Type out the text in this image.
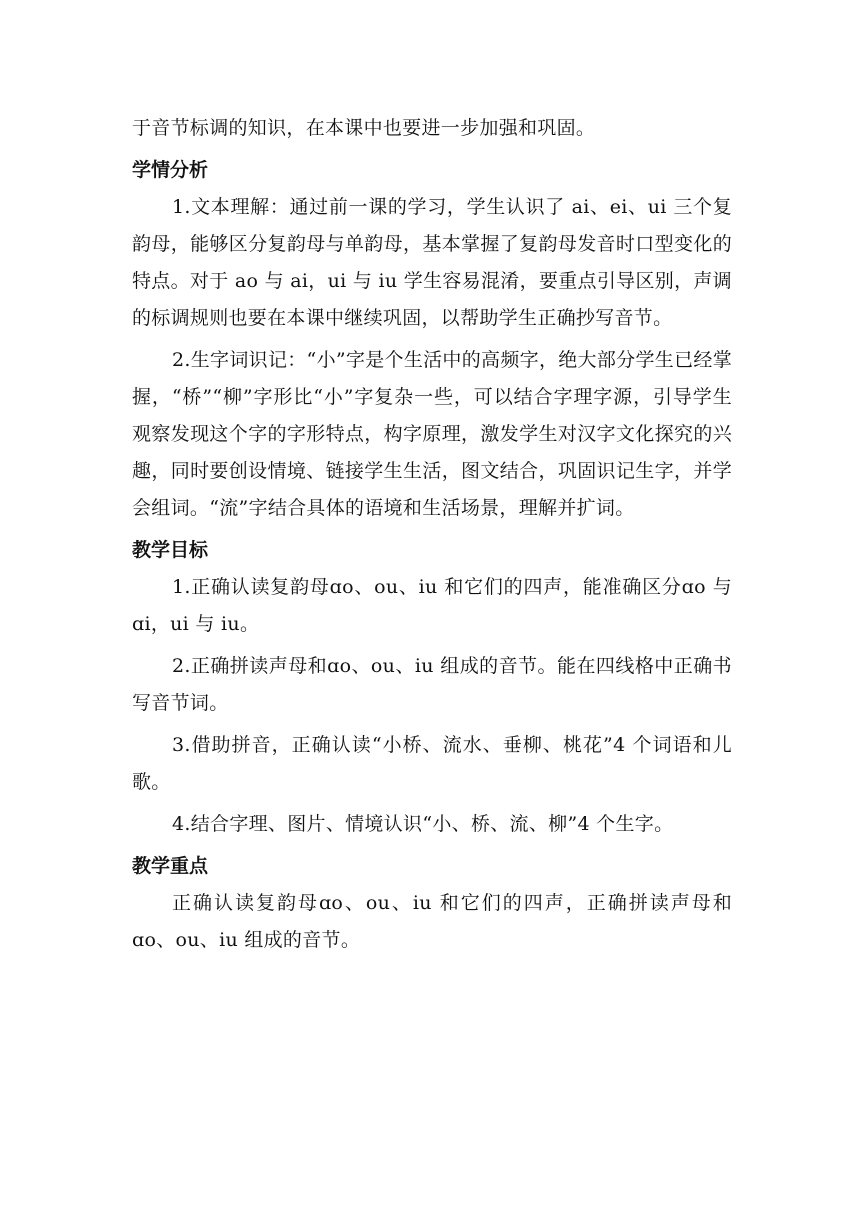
于音节标调的知识，在本课中也要进一步加强和巩固。

学情分析

1.文本理解：通过前一课的学习，学生认识了 ai、ei、ui 三个复韵母，能够区分复韵母与单韵母，基本掌握了复韵母发音时口型变化的特点。对于 ao 与 ai，ui 与 iu 学生容易混淆，要重点引导区别，声调的标调规则也要在本课中继续巩固，以帮助学生正确抄写音节。

2.生字词识记：“小”字是个生活中的高频字，绝大部分学生已经掌握，“桥”“柳”字形比“小”字复杂一些，可以结合字理字源，引导学生观察发现这个字的字形特点，构字原理，激发学生对汉字文化探究的兴趣，同时要创设情境、链接学生生活，图文结合，巩固识记生字，并学会组词。“流”字结合具体的语境和生活场景，理解并扩词。

教学目标

1.正确认读复韵母ɑo、ou、iu 和它们的四声，能准确区分ɑo 与ɑi，ui 与 iu。

2.正确拼读声母和ɑo、ou、iu 组成的音节。能在四线格中正确书写音节词。

3.借助拼音，正确认读“小桥、流水、垂柳、桃花”4 个词语和儿歌。

4.结合字理、图片、情境认识“小、桥、流、柳”4 个生字。

教学重点

正确认读复韵母ɑo、ou、iu 和它们的四声，正确拼读声母和ɑo、ou、iu 组成的音节。
